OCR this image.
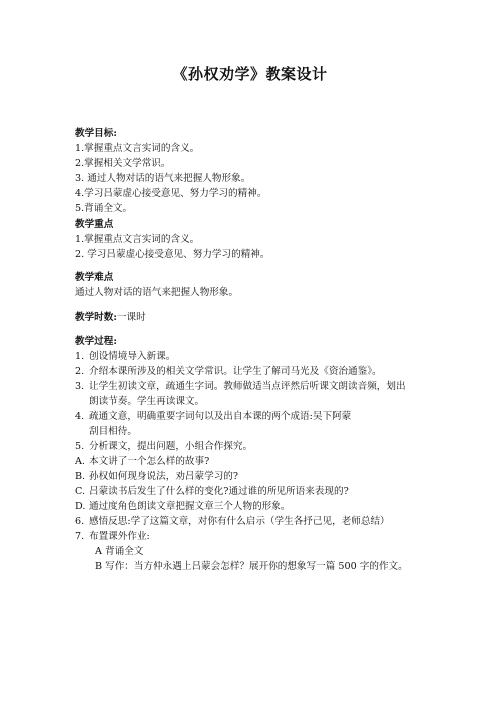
《孙权劝学》教案设计
教学目标:
1.掌握重点文言实词的含义。
2.掌握相关文学常识。
3. 通过人物对话的语气来把握人物形象。
4.学习吕蒙虚心接受意见、努力学习的精神。
5.背诵全文。
教学重点
1.掌握重点文言实词的含义。
2. 学习吕蒙虚心接受意见、努力学习的精神。
教学难点
通过人物对话的语气来把握人物形象。
教学时数:一课时
教学过程:
1. 创设情境导入新课。
2. 介绍本课所涉及的相关文学常识。让学生了解司马光及《资治通鉴》。
3. 让学生初读文章，疏通生字词。教师做适当点评然后听课文朗读音频，划出
朗读节奏。学生再读课文。
4. 疏通文意，明确重要字词句以及出自本课的两个成语:吴下阿蒙
刮目相待。
5. 分析课文，提出问题，小组合作探究。
A. 本文讲了一个怎么样的故事?
B. 孙权如何现身说法，劝吕蒙学习的?
C. 吕蒙读书后发生了什么样的变化?通过谁的所见所语来表现的?
D. 通过度角色朗读文章把握文章三个人物的形象。
6. 感悟反思:学了这篇文章，对你有什么启示（学生各抒己见，老师总结）
7. 布置课外作业:
A 背诵全文
B 写作：当方仲永遇上吕蒙会怎样？展开你的想象写一篇 500 字的作文。
